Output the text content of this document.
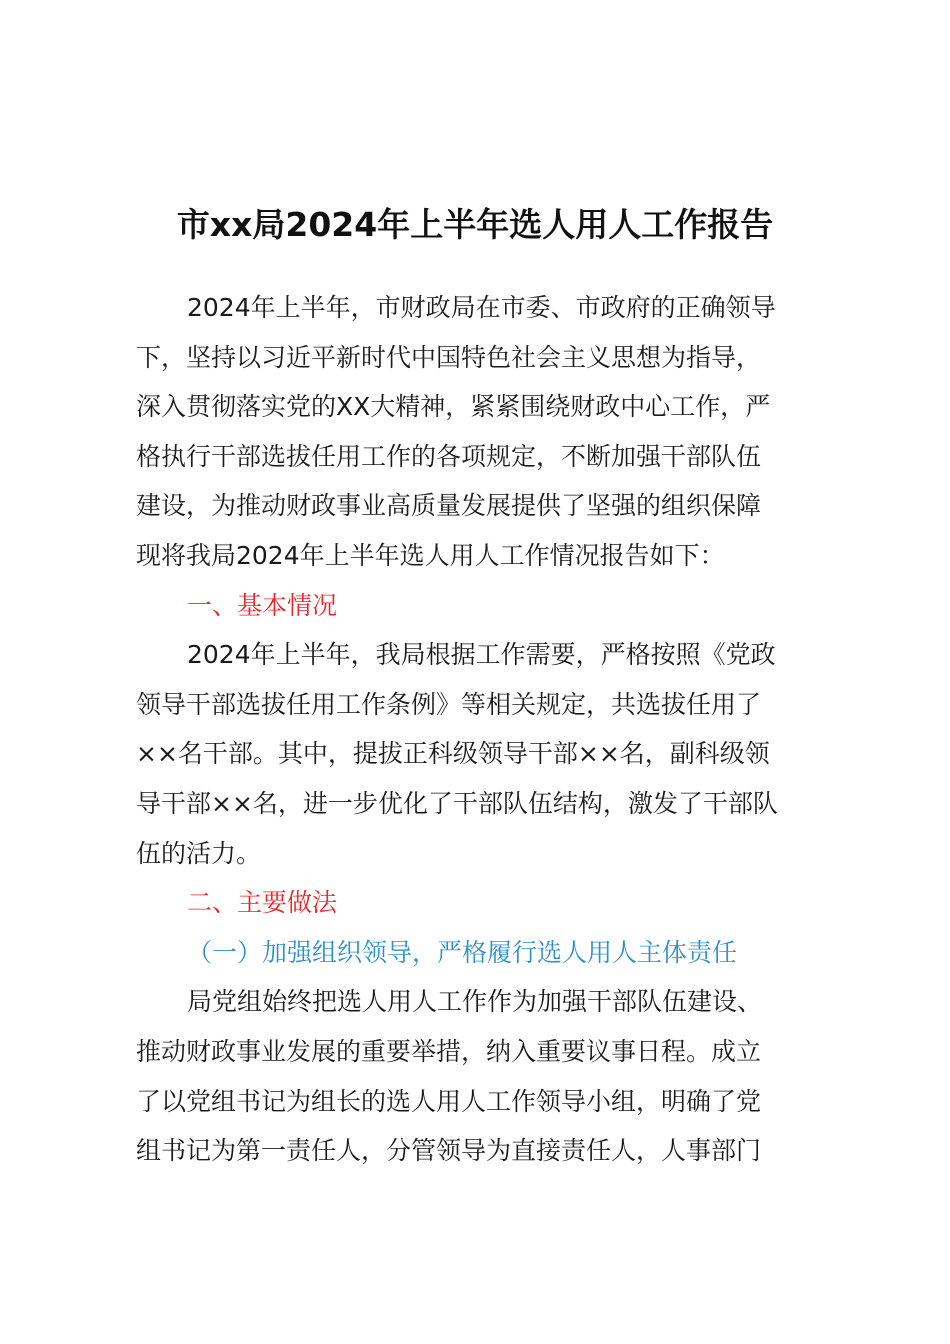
市xx局2024年上半年选人用人工作报告
2024年上半年，市财政局在市委、市政府的正确领导
下，坚持以习近平新时代中国特色社会主义思想为指导，
深入贯彻落实党的XX大精神，紧紧围绕财政中心工作，严
格执行干部选拔任用工作的各项规定，不断加强干部队伍
建设，为推动财政事业高质量发展提供了坚强的组织保障
现将我局2024年上半年选人用人工作情况报告如下：
一、基本情况
2024年上半年，我局根据工作需要，严格按照《党政
领导干部选拔任用工作条例》等相关规定，共选拔任用了
××名干部。其中，提拔正科级领导干部××名，副科级领
导干部××名，进一步优化了干部队伍结构，激发了干部队
伍的活力。
二、主要做法
（一）加强组织领导，严格履行选人用人主体责任
局党组始终把选人用人工作作为加强干部队伍建设、
推动财政事业发展的重要举措，纳入重要议事日程。成立
了以党组书记为组长的选人用人工作领导小组，明确了党
组书记为第一责任人，分管领导为直接责任人，人事部门
